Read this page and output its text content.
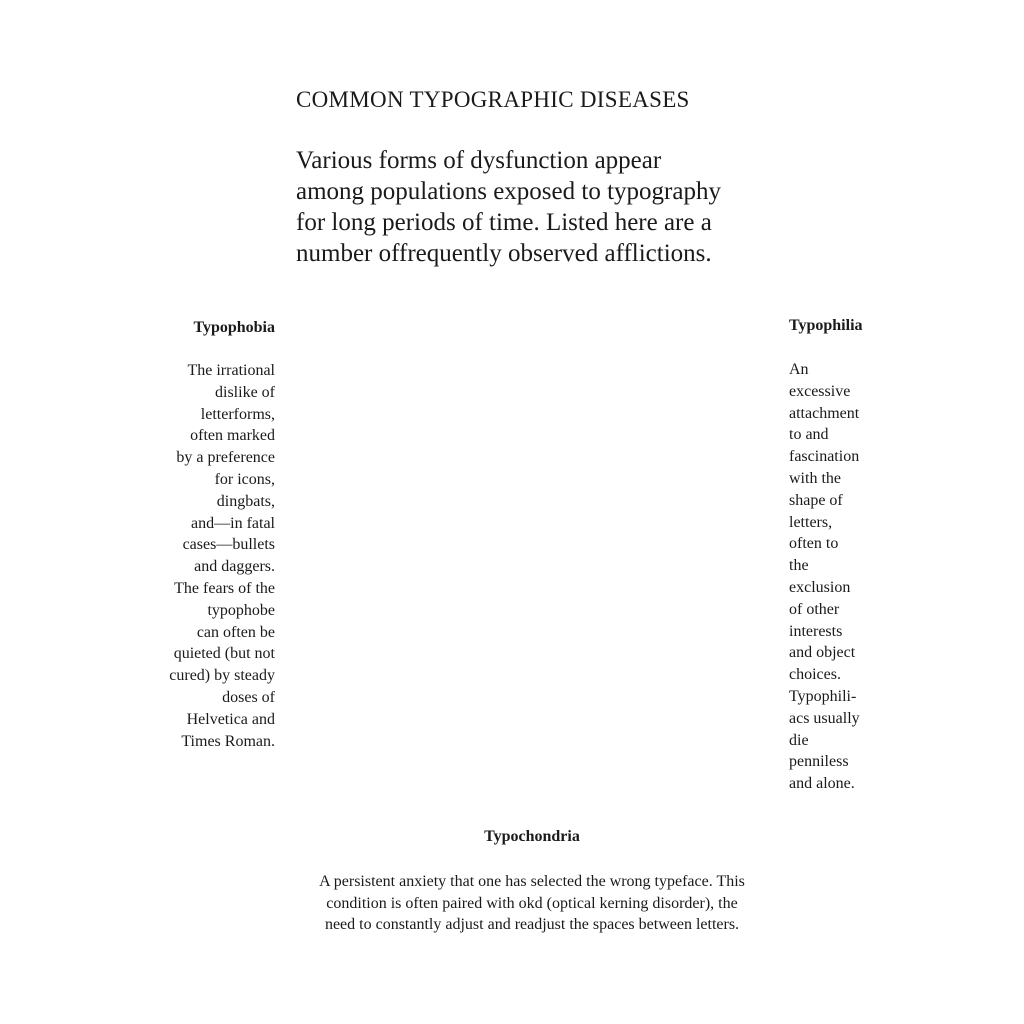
COMMON TYPOGRAPHIC DISEASES

Various forms of dysfunction appear
among populations exposed to typography
for long periods of time. Listed here are a
number offrequently observed afflictions.

Typophobia

The irrational
dislike of
letterforms,
often marked
by a preference
for icons,
dingbats,
and—in fatal
cases—bullets
and daggers.
The fears of the
typophobe
can often be
quieted (but not
cured) by steady
doses of
Helvetica and
Times Roman.

Typophilia

An
excessive
attachment
to and
fascination
with the
shape of
letters,
often to
the
exclusion
of other
interests
and object
choices.
Typophili-
acs usually
die
penniless
and alone.

Typochondria

A persistent anxiety that one has selected the wrong typeface. This
condition is often paired with okd (optical kerning disorder), the
need to constantly adjust and readjust the spaces between letters.
